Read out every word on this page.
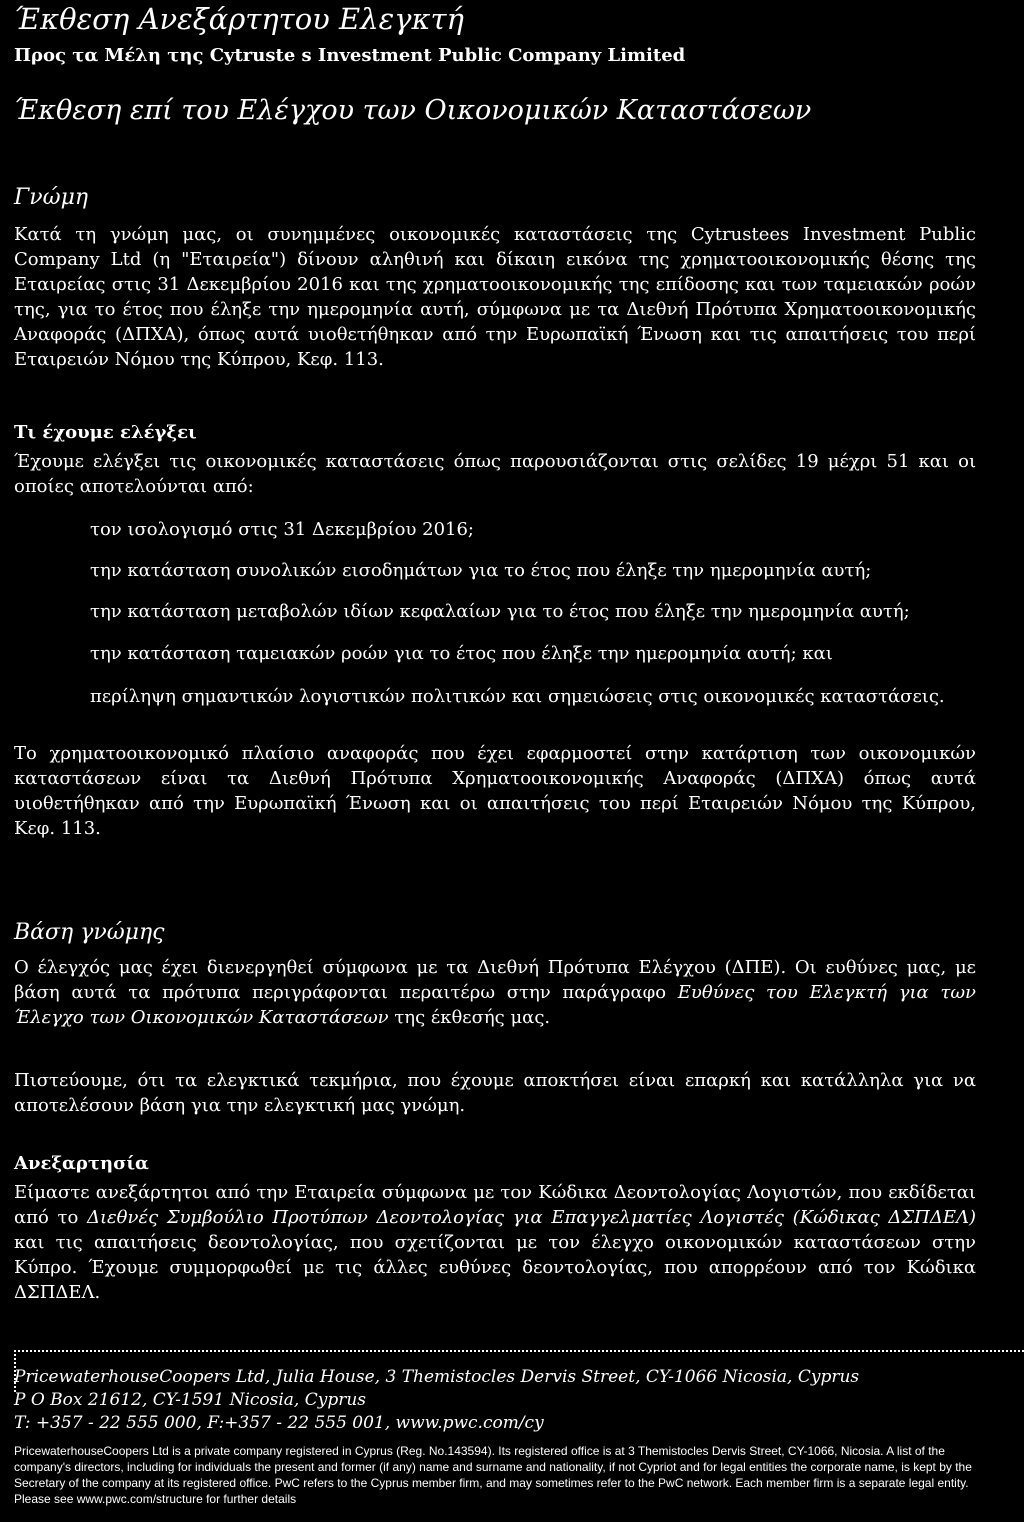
Έκθεση Ανεξάρτητου Ελεγκτή
Προς τα Μέλη της Cytruste s Investment Public Company Limited
Έκθεση επί του Ελέγχου των Οικονομικών Καταστάσεων
Γνώμη
Κατά τη γνώμη μας, οι συνημμένες οικονομικές καταστάσεις της Cytrustees Investment Public Company Ltd (η "Εταιρεία") δίνουν αληθινή και δίκαιη εικόνα της χρηματοοικονομικής θέσης της Εταιρείας στις 31 Δεκεμβρίου 2016 και της χρηματοοικονομικής της επίδοσης και των ταμειακών ροών της, για το έτος που έληξε την ημερομηνία αυτή, σύμφωνα με τα Διεθνή Πρότυπα Χρηματοοικονομικής Αναφοράς (ΔΠΧΑ), όπως αυτά υιοθετήθηκαν από την Ευρωπαϊκή Ένωση και τις απαιτήσεις του περί Εταιρειών Νόμου της Κύπρου, Κεφ. 113.
Τι έχουμε ελέγξει
Έχουμε ελέγξει τις οικονομικές καταστάσεις όπως παρουσιάζονται στις σελίδες 19 μέχρι 51 και οι οποίες αποτελούνται από:
τον ισολογισμό στις 31 Δεκεμβρίου 2016;
την κατάσταση συνολικών εισοδημάτων για το έτος που έληξε την ημερομηνία αυτή;
την κατάσταση μεταβολών ιδίων κεφαλαίων για το έτος που έληξε την ημερομηνία αυτή;
την κατάσταση ταμειακών ροών για το έτος που έληξε την ημερομηνία αυτή; και
περίληψη σημαντικών λογιστικών πολιτικών και σημειώσεις στις οικονομικές καταστάσεις.
Το χρηματοοικονομικό πλαίσιο αναφοράς που έχει εφαρμοστεί στην κατάρτιση των οικονομικών καταστάσεων είναι τα Διεθνή Πρότυπα Χρηματοοικονομικής Αναφοράς (ΔΠΧΑ) όπως αυτά υιοθετήθηκαν από την Ευρωπαϊκή Ένωση και οι απαιτήσεις του περί Εταιρειών Νόμου της Κύπρου, Κεφ. 113.
Βάση γνώμης
Ο έλεγχός μας έχει διενεργηθεί σύμφωνα με τα Διεθνή Πρότυπα Ελέγχου (ΔΠΕ). Οι ευθύνες μας, με βάση αυτά τα πρότυπα περιγράφονται περαιτέρω στην παράγραφο Ευθύνες του Ελεγκτή για των Έλεγχο των Οικονομικών Καταστάσεων της έκθεσής μας.
Πιστεύουμε, ότι τα ελεγκτικά τεκμήρια, που έχουμε αποκτήσει είναι επαρκή και κατάλληλα για να αποτελέσουν βάση για την ελεγκτική μας γνώμη.
Ανεξαρτησία
Είμαστε ανεξάρτητοι από την Εταιρεία σύμφωνα με τον Κώδικα Δεοντολογίας Λογιστών, που εκδίδεται από το Διεθνές Συμβούλιο Προτύπων Δεοντολογίας για Επαγγελματίες Λογιστές (Κώδικας ΔΣΠΔΕΛ) και τις απαιτήσεις δεοντολογίας, που σχετίζονται με τον έλεγχο οικονομικών καταστάσεων στην Κύπρο. Έχουμε συμμορφωθεί με τις άλλες ευθύνες δεοντολογίας, που απορρέουν από τον Κώδικα ΔΣΠΔΕΛ.
PricewaterhouseCoopers Ltd, Julia House, 3 Themistocles Dervis Street, CY-1066 Nicosia, Cyprus
P O Box 21612, CY-1591 Nicosia, Cyprus
T: +357 - 22 555 000, F:+357 - 22 555 001, www.pwc.com/cy
PricewaterhouseCoopers Ltd is a private company registered in Cyprus (Reg. No.143594). Its registered office is at 3 Themistocles Dervis Street, CY-1066, Nicosia. A list of the company's directors, including for individuals the present and former (if any) name and surname and nationality, if not Cypriot and for legal entities the corporate name, is kept by the Secretary of the company at its registered office. PwC refers to the Cyprus member firm, and may sometimes refer to the PwC network. Each member firm is a separate legal entity. Please see www.pwc.com/structure for further details
